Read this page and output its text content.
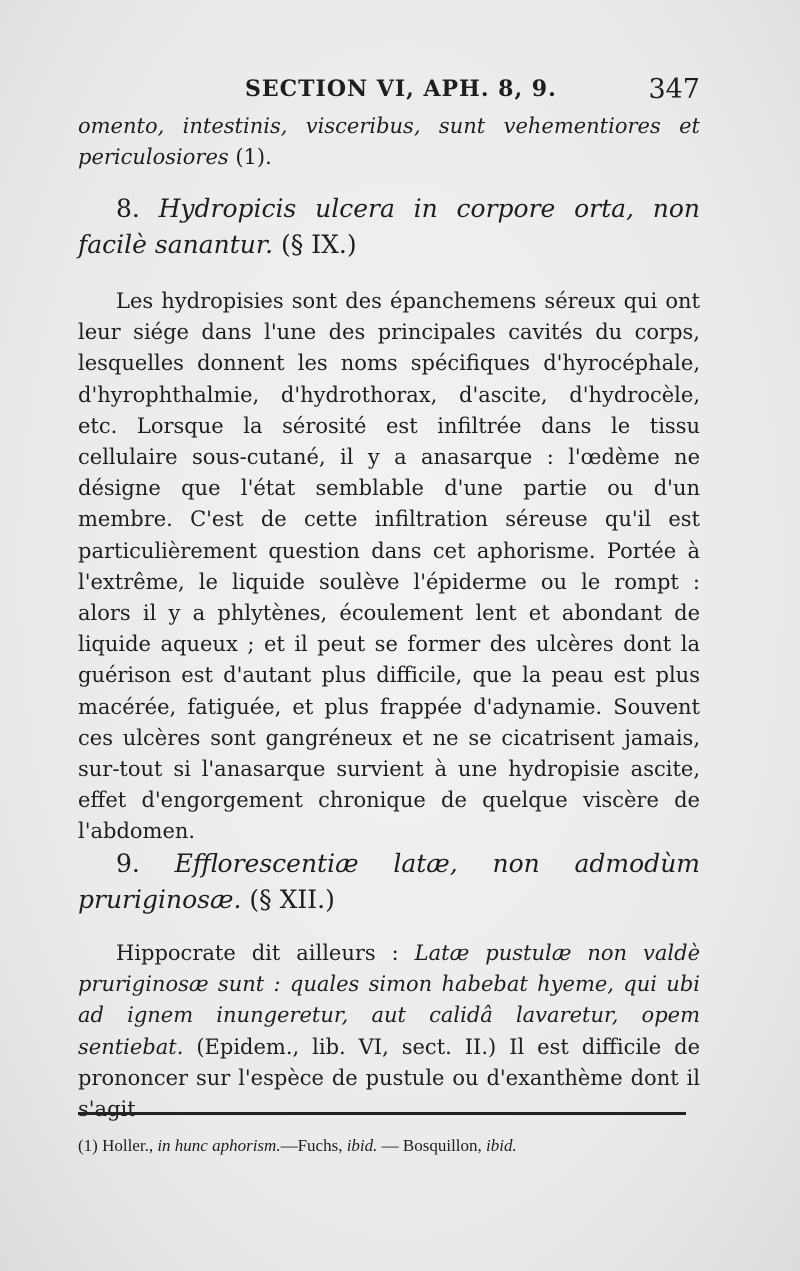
SECTION VI, APH. 8, 9.	347
omento, intestinis, visceribus, sunt vehementiores et periculosiores (1).
8. Hydropicis ulcera in corpore orta, non facilè sanantur. (§ IX.)
Les hydropisies sont des épanchemens séreux qui ont leur siége dans l'une des principales cavités du corps, lesquelles donnent les noms spécifiques d'hyrocéphale, d'hyrophthalmie, d'hydrothorax, d'ascite, d'hydrocèle, etc. Lorsque la sérosité est infiltrée dans le tissu cellulaire sous-cutané, il y a anasarque : l'œdème ne désigne que l'état semblable d'une partie ou d'un membre. C'est de cette infiltration séreuse qu'il est particulièrement question dans cet aphorisme. Portée à l'extrême, le liquide soulève l'épiderme ou le rompt : alors il y a phlytènes, écoulement lent et abondant de liquide aqueux ; et il peut se former des ulcères dont la guérison est d'autant plus difficile, que la peau est plus macérée, fatiguée, et plus frappée d'adynamie. Souvent ces ulcères sont gangréneux et ne se cicatrisent jamais, sur-tout si l'anasarque survient à une hydropisie ascite, effet d'engorgement chronique de quelque viscère de l'abdomen.
9. Efflorescentiæ latæ, non admodùm pruriginosæ. (§ XII.)
Hippocrate dit ailleurs : Latæ pustulæ non valdè pruriginosæ sunt : quales simon habebat hyeme, qui ubi ad ignem inungeretur, aut calidâ lavaretur, opem sentiebat. (Epidem., lib. VI, sect. II.) Il est difficile de prononcer sur l'espèce de pustule ou d'exanthème dont il s'agit
(1) Holler., in hunc aphorism.—Fuchs, ibid. — Bosquillon, ibid.
